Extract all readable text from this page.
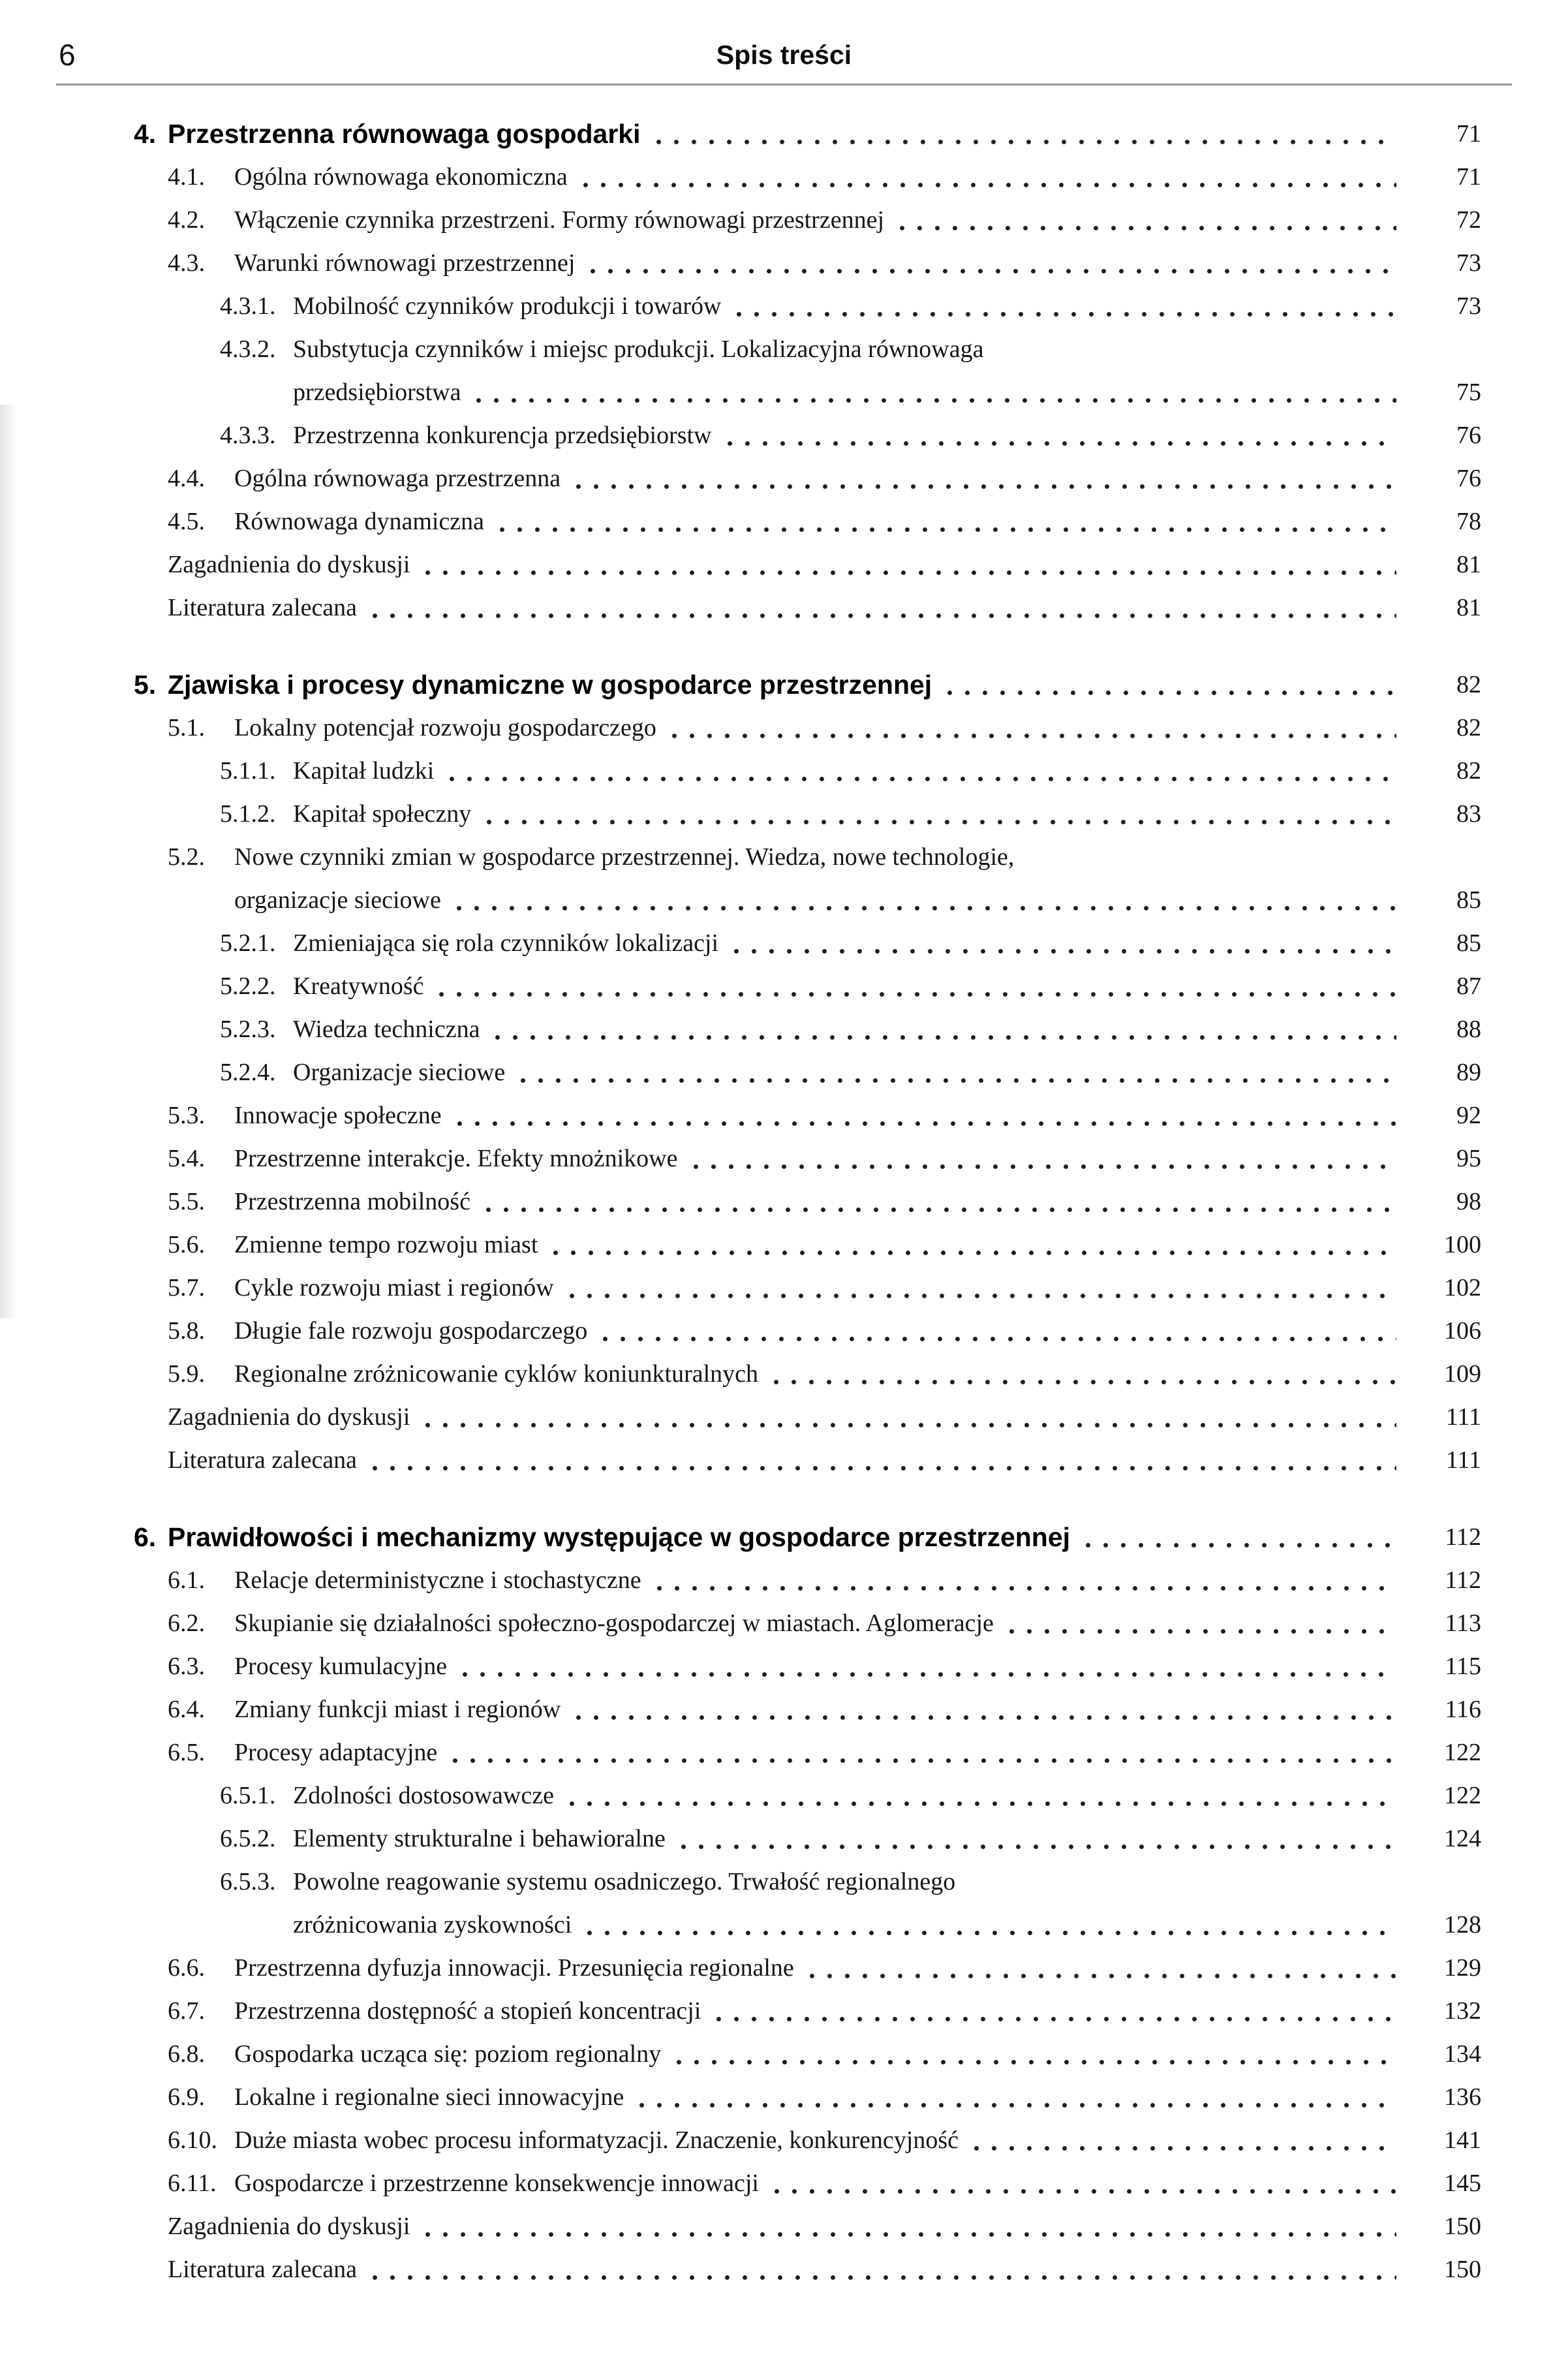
6	Spis treści
4. Przestrzenna równowaga gospodarki	71
4.1.	Ogólna równowaga ekonomiczna	71
4.2.	Włączenie czynnika przestrzeni. Formy równowagi przestrzennej	72
4.3.	Warunki równowagi przestrzennej	73
4.3.1. Mobilność czynników produkcji i towarów	73
4.3.2. Substytucja czynników i miejsc produkcji. Lokalizacyjna równowaga
przedsiębiorstwa	75
4.3.3. Przestrzenna konkurencja przedsiębiorstw	76
4.4.	Ogólna równowaga przestrzenna	76
4.5.	Równowaga dynamiczna	78
Zagadnienia do dyskusji	81
Literatura zalecana	81
5. Zjawiska i procesy dynamiczne w gospodarce przestrzennej	82
5.1.	Lokalny potencjał rozwoju gospodarczego	82
5.1.1. Kapitał ludzki	82
5.1.2. Kapitał społeczny	83
5.2.	Nowe czynniki zmian w gospodarce przestrzennej. Wiedza, nowe technologie,
organizacje sieciowe	85
5.2.1. Zmieniająca się rola czynników lokalizacji	85
5.2.2. Kreatywność	87
5.2.3. Wiedza techniczna	88
5.2.4. Organizacje sieciowe	89
5.3.	Innowacje społeczne	92
5.4.	Przestrzenne interakcje. Efekty mnożnikowe	95
5.5.	Przestrzenna mobilność	98
5.6.	Zmienne tempo rozwoju miast	100
5.7.	Cykle rozwoju miast i regionów	102
5.8.	Długie fale rozwoju gospodarczego	106
5.9.	Regionalne zróżnicowanie cyklów koniunkturalnych	109
Zagadnienia do dyskusji	111
Literatura zalecana	111
6. Prawidłowości i mechanizmy występujące w gospodarce przestrzennej	112
6.1.	Relacje deterministyczne i stochastyczne	112
6.2.	Skupianie się działalności społeczno-gospodarczej w miastach. Aglomeracje	113
6.3.	Procesy kumulacyjne	115
6.4.	Zmiany funkcji miast i regionów	116
6.5.	Procesy adaptacyjne	122
6.5.1. Zdolności dostosowawcze	122
6.5.2. Elementy strukturalne i behawioralne	124
6.5.3. Powolne reagowanie systemu osadniczego. Trwałość regionalnego
zróżnicowania zyskowności	128
6.6.	Przestrzenna dyfuzja innowacji. Przesunięcia regionalne	129
6.7.	Przestrzenna dostępność a stopień koncentracji	132
6.8.	Gospodarka ucząca się: poziom regionalny	134
6.9.	Lokalne i regionalne sieci innowacyjne	136
6.10. Duże miasta wobec procesu informatyzacji. Znaczenie, konkurencyjność	141
6.11. Gospodarcze i przestrzenne konsekwencje innowacji	145
Zagadnienia do dyskusji	150
Literatura zalecana	150
